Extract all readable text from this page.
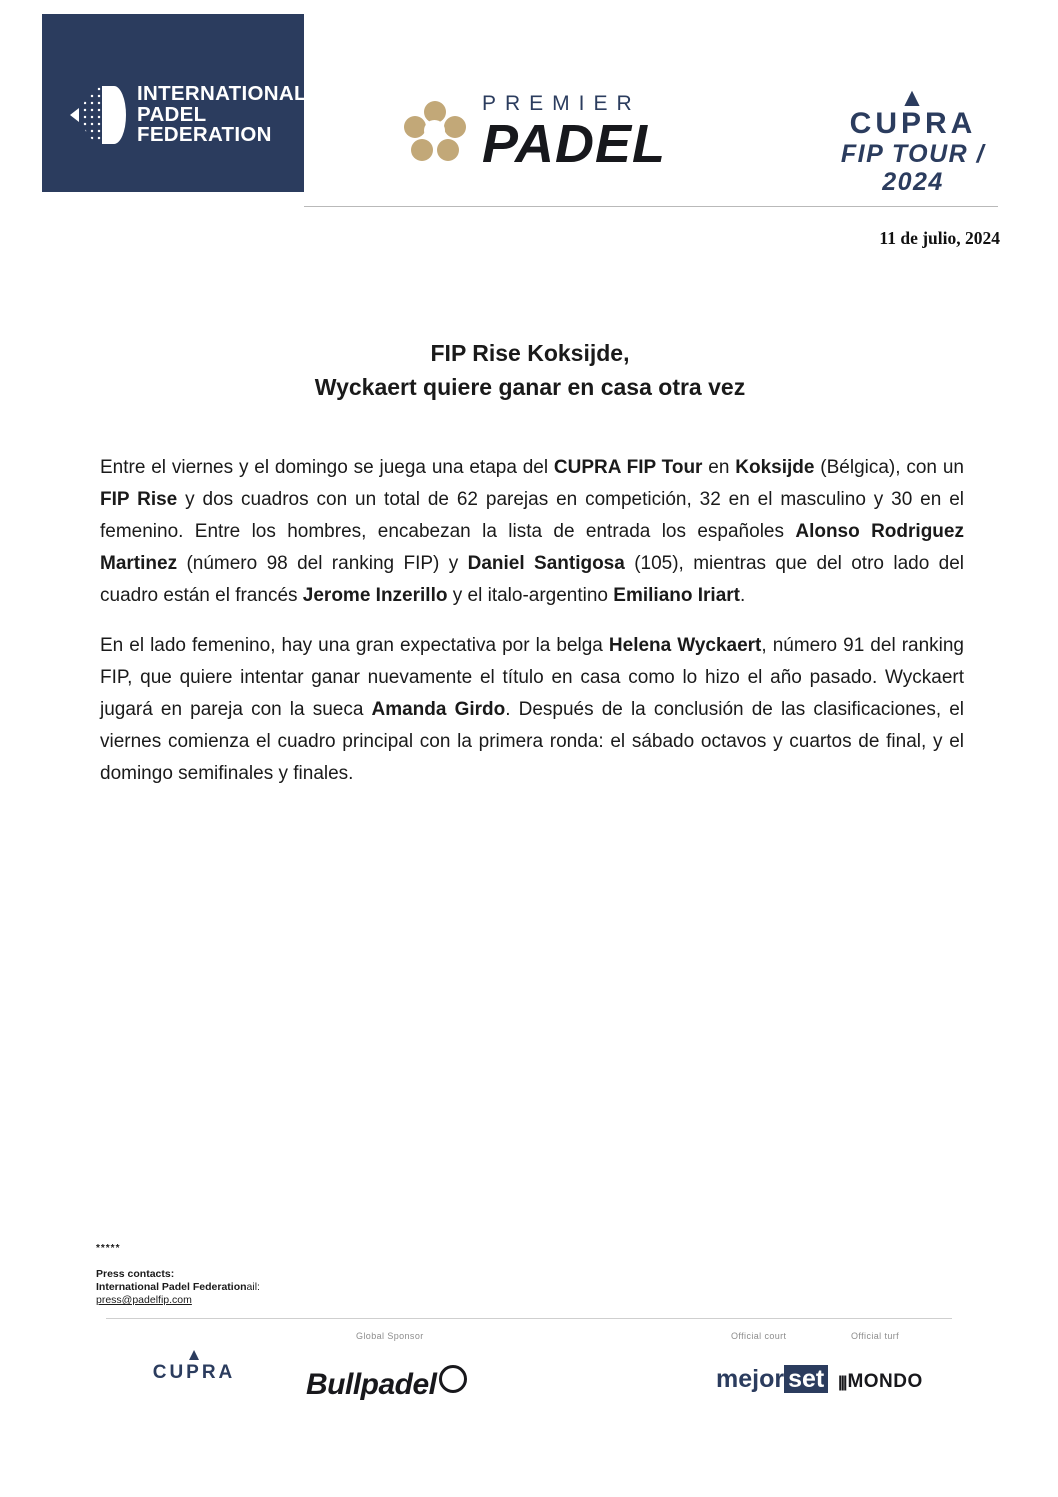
INTERNATIONAL
PADEL
FEDERATION
PREMIER
PADEL
▲
CUPRA
FIP TOUR / 2024
11 de julio, 2024
FIP Rise Koksijde,
Wyckaert quiere ganar en casa otra vez

Entre el viernes y el domingo se juega una etapa del CUPRA FIP Tour en Koksijde (Bélgica), con un FIP Rise y dos cuadros con un total de 62 parejas en competición, 32 en el masculino y 30 en el femenino. Entre los hombres, encabezan la lista de entrada los españoles Alonso Rodriguez Martinez (número 98 del ranking FIP) y Daniel Santigosa (105), mientras que del otro lado del cuadro están el francés Jerome Inzerillo y el italo-argentino Emiliano Iriart.

En el lado femenino, hay una gran expectativa por la belga Helena Wyckaert, número 91 del ranking FIP, que quiere intentar ganar nuevamente el título en casa como lo hizo el año pasado. Wyckaert jugará en pareja con la sueca Amanda Girdo. Después de la conclusión de las clasificaciones, el viernes comienza el cuadro principal con la primera ronda: el sábado octavos y cuartos de final, y el domingo semifinales y finales.

*****
Press contacts:
International Padel Federationail:
press@padelfip.com
Global Sponsor	Official court	Official turf
▲
CUPRA	Bullpadel	mejor set ||| MONDO
